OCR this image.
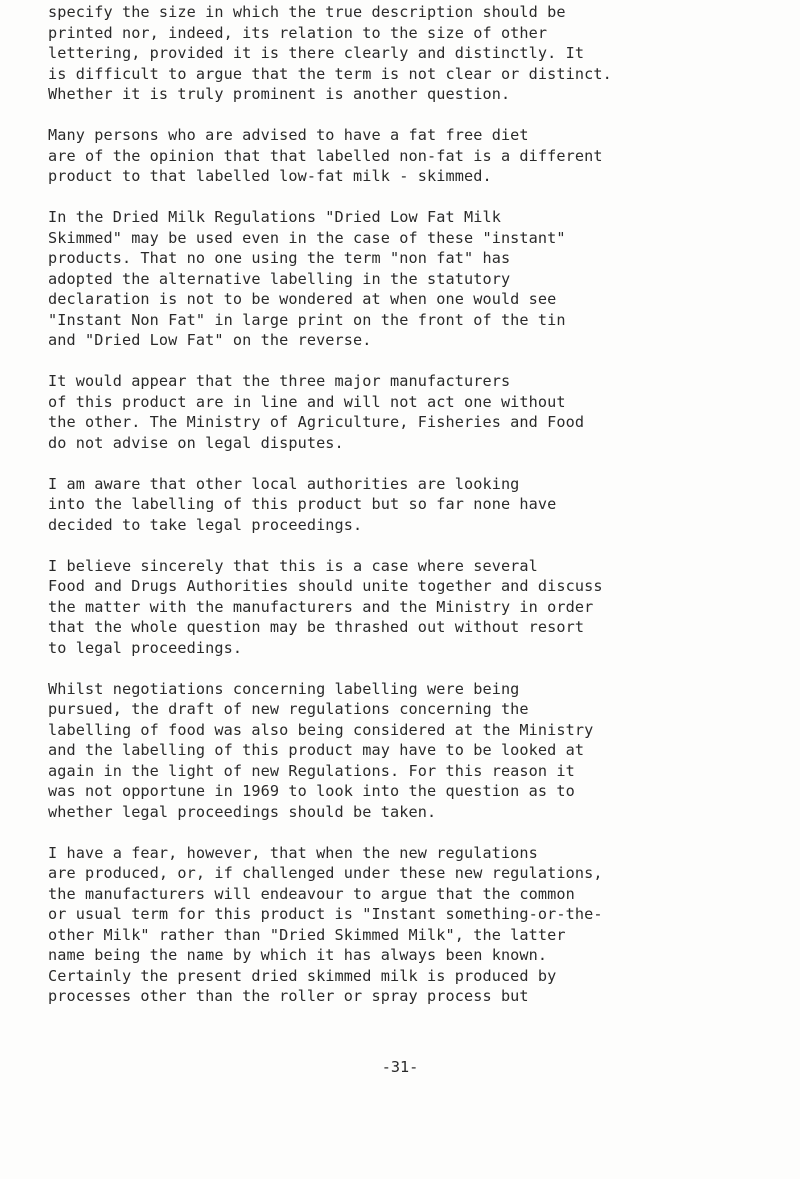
specify the size in which the true description should be
printed nor, indeed, its relation to the size of other
lettering, provided it is there clearly and distinctly. It
is difficult to argue that the term is not clear or distinct.
Whether it is truly prominent is another question.
Many persons who are advised to have a fat free diet
are of the opinion that that labelled non-fat is a different
product to that labelled low-fat milk - skimmed.
In the Dried Milk Regulations "Dried Low Fat Milk
Skimmed" may be used even in the case of these "instant"
products. That no one using the term "non fat" has
adopted the alternative labelling in the statutory
declaration is not to be wondered at when one would see
"Instant Non Fat" in large print on the front of the tin
and "Dried Low Fat" on the reverse.
It would appear that the three major manufacturers
of this product are in line and will not act one without
the other. The Ministry of Agriculture, Fisheries and Food
do not advise on legal disputes.
I am aware that other local authorities are looking
into the labelling of this product but so far none have
decided to take legal proceedings.
I believe sincerely that this is a case where several
Food and Drugs Authorities should unite together and discuss
the matter with the manufacturers and the Ministry in order
that the whole question may be thrashed out without resort
to legal proceedings.
Whilst negotiations concerning labelling were being
pursued, the draft of new regulations concerning the
labelling of food was also being considered at the Ministry
and the labelling of this product may have to be looked at
again in the light of new Regulations. For this reason it
was not opportune in 1969 to look into the question as to
whether legal proceedings should be taken.
I have a fear, however, that when the new regulations
are produced, or, if challenged under these new regulations,
the manufacturers will endeavour to argue that the common
or usual term for this product is "Instant something-or-the-
other Milk" rather than "Dried Skimmed Milk", the latter
name being the name by which it has always been known.
Certainly the present dried skimmed milk is produced by
processes other than the roller or spray process but
-31-
